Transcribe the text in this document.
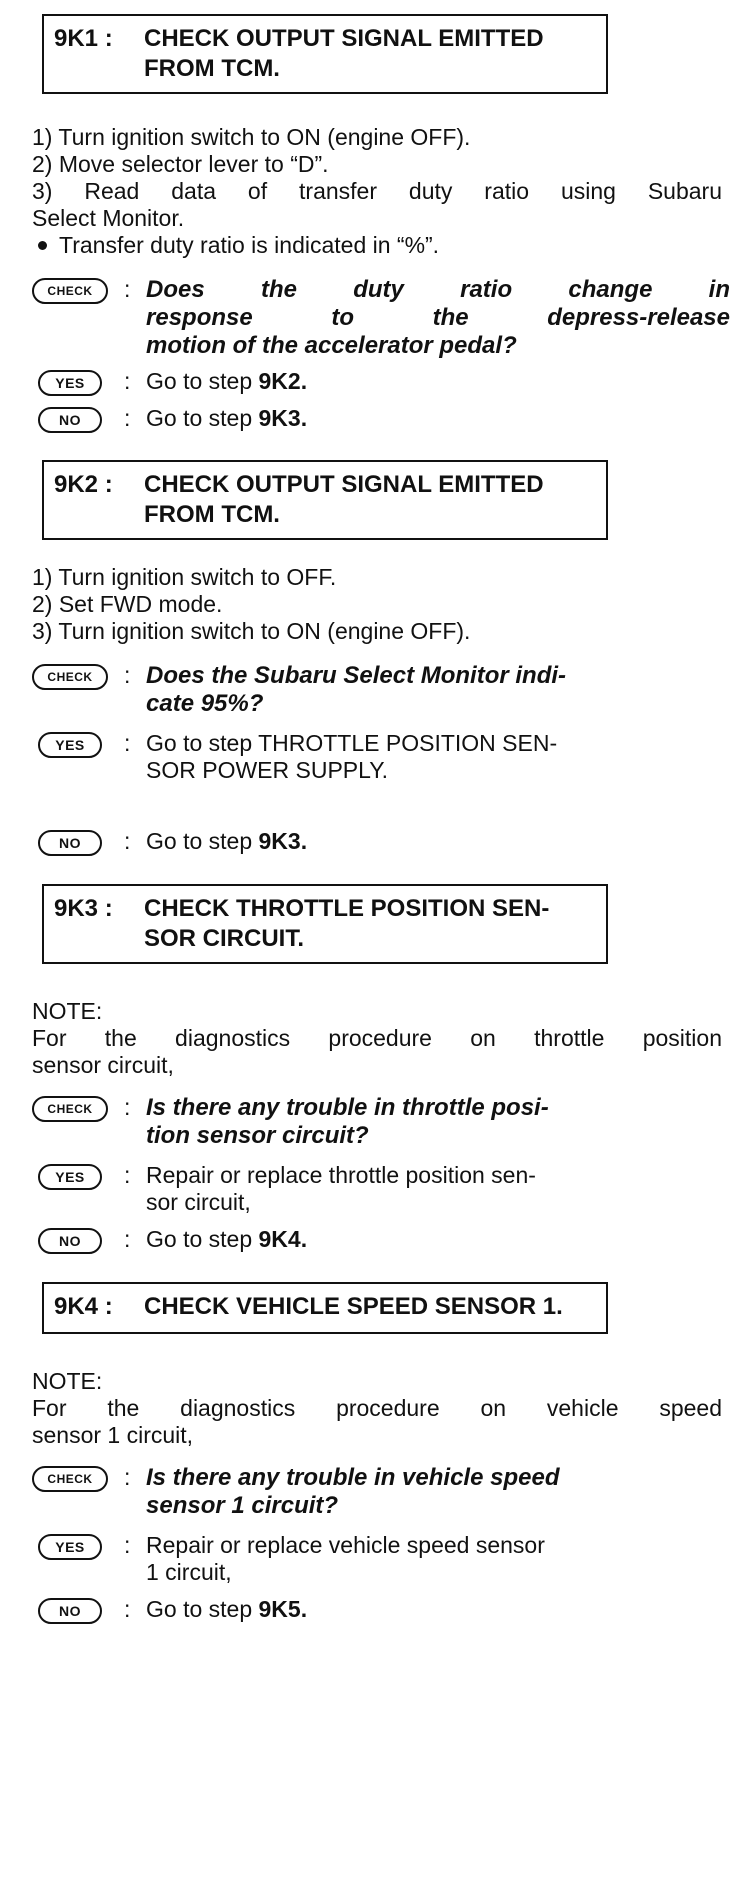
9K1 : CHECK OUTPUT SIGNAL EMITTED
FROM TCM.
1) Turn ignition switch to ON (engine OFF).
2) Move selector lever to “D”.
3) Read data of transfer duty ratio using Subaru
Select Monitor.
Transfer duty ratio is indicated in “%”.
CHECK	: Does the duty ratio change in
response to the depress-release
motion of the accelerator pedal?
YES	: Go to step 9K2.
NO	: Go to step 9K3.
9K2 : CHECK OUTPUT SIGNAL EMITTED
FROM TCM.
1) Turn ignition switch to OFF.
2) Set FWD mode.
3) Turn ignition switch to ON (engine OFF).
CHECK	: Does the Subaru Select Monitor indi-
cate 95%?
YES	: Go to step THROTTLE POSITION SEN-
SOR POWER SUPPLY.
NO	: Go to step 9K3.
9K3 : CHECK THROTTLE POSITION SEN-
SOR CIRCUIT.
NOTE:
For the diagnostics procedure on throttle position
sensor circuit,
CHECK	: Is there any trouble in throttle posi-
tion sensor circuit?
YES	: Repair or replace throttle position sen-
sor circuit,
NO	: Go to step 9K4.
9K4 : CHECK VEHICLE SPEED SENSOR 1.
NOTE:
For the diagnostics procedure on vehicle speed
sensor 1 circuit,
CHECK	: Is there any trouble in vehicle speed
sensor 1 circuit?
YES	: Repair or replace vehicle speed sensor
1 circuit,
NO	: Go to step 9K5.
